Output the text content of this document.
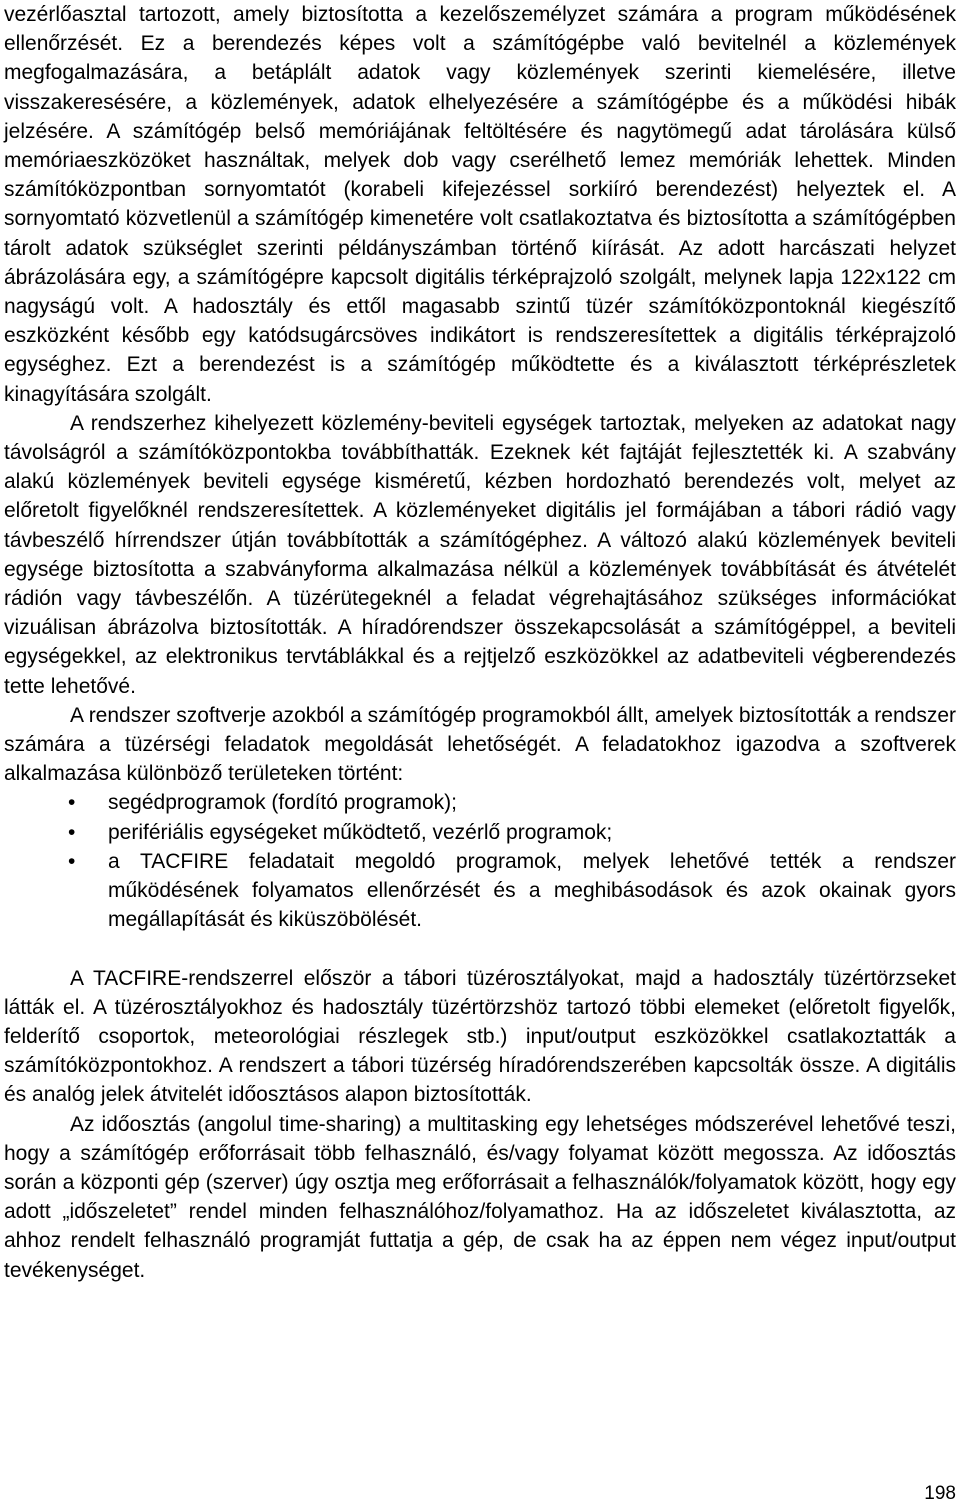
vezérlőasztal tartozott, amely biztosította a kezelőszemélyzet számára a program működésének ellenőrzését. Ez a berendezés képes volt a számítógépbe való bevitelnél a közlemények megfogalmazására, a betáplált adatok vagy közlemények szerinti kiemelésére, illetve visszakeresésére, a közlemények, adatok elhelyezésére a számítógépbe és a működési hibák jelzésére. A számítógép belső memóriájának feltöltésére és nagytömegű adat tárolására külső memóriaeszközöket használtak, melyek dob vagy cserélhető lemez memóriák lehettek. Minden számítóközpontban sornyomtatót (korabeli kifejezéssel sorkiíró berendezést) helyeztek el. A sornyomtató közvetlenül a számítógép kimenetére volt csatlakoztatva és biztosította a számítógépben tárolt adatok szükséglet szerinti példányszámban történő kiírását. Az adott harcászati helyzet ábrázolására egy, a számítógépre kapcsolt digitális térképrajzoló szolgált, melynek lapja 122x122 cm nagyságú volt. A hadosztály és ettől magasabb szintű tüzér számítóközpontoknál kiegészítő eszközként később egy katódsugárcsöves indikátort is rendszeresítettek a digitális térképrajzoló egységhez. Ezt a berendezést is a számítógép működtette és a kiválasztott térképrészletek kinagyítására szolgált.

A rendszerhez kihelyezett közlemény-beviteli egységek tartoztak, melyeken az adatokat nagy távolságról a számítóközpontokba továbbíthatták. Ezeknek két fajtáját fejlesztették ki. A szabvány alakú közlemények beviteli egysége kisméretű, kézben hordozható berendezés volt, melyet az előretolt figyelőknél rendszeresítettek. A közleményeket digitális jel formájában a tábori rádió vagy távbeszélő hírrendszer útján továbbították a számítógéphez. A változó alakú közlemények beviteli egysége biztosította a szabványforma alkalmazása nélkül a közlemények továbbítását és átvételét rádión vagy távbeszélőn. A tüzérütegeknél a feladat végrehajtásához szükséges információkat vizuálisan ábrázolva biztosították. A híradórendszer összekapcsolását a számítógéppel, a beviteli egységekkel, az elektronikus tervtáblákkal és a rejtjelző eszközökkel az adatbeviteli végberendezés tette lehetővé.

A rendszer szoftverje azokból a számítógép programokból állt, amelyek biztosították a rendszer számára a tüzérségi feladatok megoldását lehetőségét. A feladatokhoz igazodva a szoftverek alkalmazása különböző területeken történt:

• segédprogramok (fordító programok);
• perifériális egységeket működtető, vezérlő programok;
• a TACFIRE feladatait megoldó programok, melyek lehetővé tették a rendszer működésének folyamatos ellenőrzését és a meghibásodások és azok okainak gyors megállapítását és kiküszöbölését.

A TACFIRE-rendszerrel először a tábori tüzérosztályokat, majd a hadosztály tüzértörzseket látták el. A tüzérosztályokhoz és hadosztály tüzértörzshöz tartozó többi elemeket (előretolt figyelők, felderítő csoportok, meteorológiai részlegek stb.) input/output eszközökkel csatlakoztatták a számítóközpontokhoz. A rendszert a tábori tüzérség híradórendszerében kapcsolták össze. A digitális és analóg jelek átvitelét időosztásos alapon biztosították.

Az időosztás (angolul time-sharing) a multitasking egy lehetséges módszerével lehetővé teszi, hogy a számítógép erőforrásait több felhasználó, és/vagy folyamat között megossza. Az időosztás során a központi gép (szerver) úgy osztja meg erőforrásait a felhasználók/folyamatok között, hogy egy adott „időszeletet” rendel minden felhasználóhoz/folyamathoz. Ha az időszeletet kiválasztotta, az ahhoz rendelt felhasználó programját futtatja a gép, de csak ha az éppen nem végez input/output tevékenységet.

198
